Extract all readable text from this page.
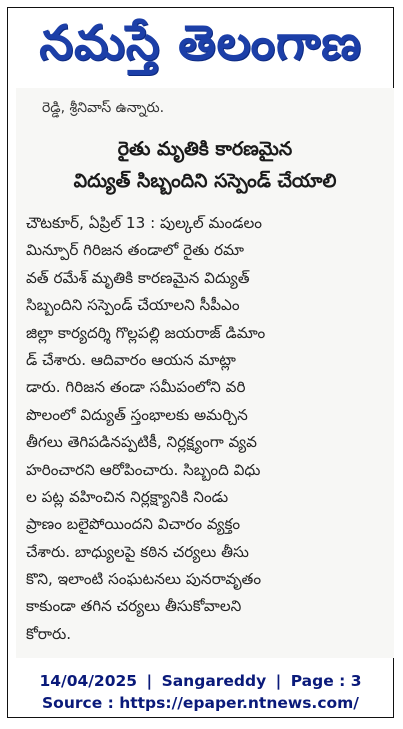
నమస్తే తెలంగాణ
రెడ్డి, శ్రీనివాస్ ఉన్నారు.
రైతు మృతికి కారణమైన
విద్యుత్ సిబ్బందిని సస్పెండ్ చేయాలి
చౌటకూర్, ఏప్రిల్ 13 : పుల్కల్ మండలం
మిన్పూర్ గిరిజన తండాలో రైతు రమా
వత్ రమేశ్ మృతికి కారణమైన విద్యుత్
సిబ్బందిని సస్పెండ్ చేయాలని సీపీఎం
జిల్లా కార్యదర్శి గొల్లపల్లి జయరాజ్ డిమాం
డ్ చేశారు. ఆదివారం ఆయన మాట్లా
డారు. గిరిజన తండా సమీపంలోని వరి
పొలంలో విద్యుత్ స్తంభాలకు అమర్చిన
తీగలు తెగిపడినప్పటికీ, నిర్లక్ష్యంగా వ్యవ
హరించారని ఆరోపించారు. సిబ్బంది విధు
ల పట్ల వహించిన నిర్లక్ష్యానికి నిండు
ప్రాణం బలైపోయిందని విచారం వ్యక్తం
చేశారు. బాధ్యులపై కఠిన చర్యలు తీసు
కొని, ఇలాంటి సంఘటనలు పునరావృతం
కాకుండా తగిన చర్యలు తీసుకోవాలని
కోరారు.
14/04/2025 | Sangareddy | Page : 3
Source : https://epaper.ntnews.com/
